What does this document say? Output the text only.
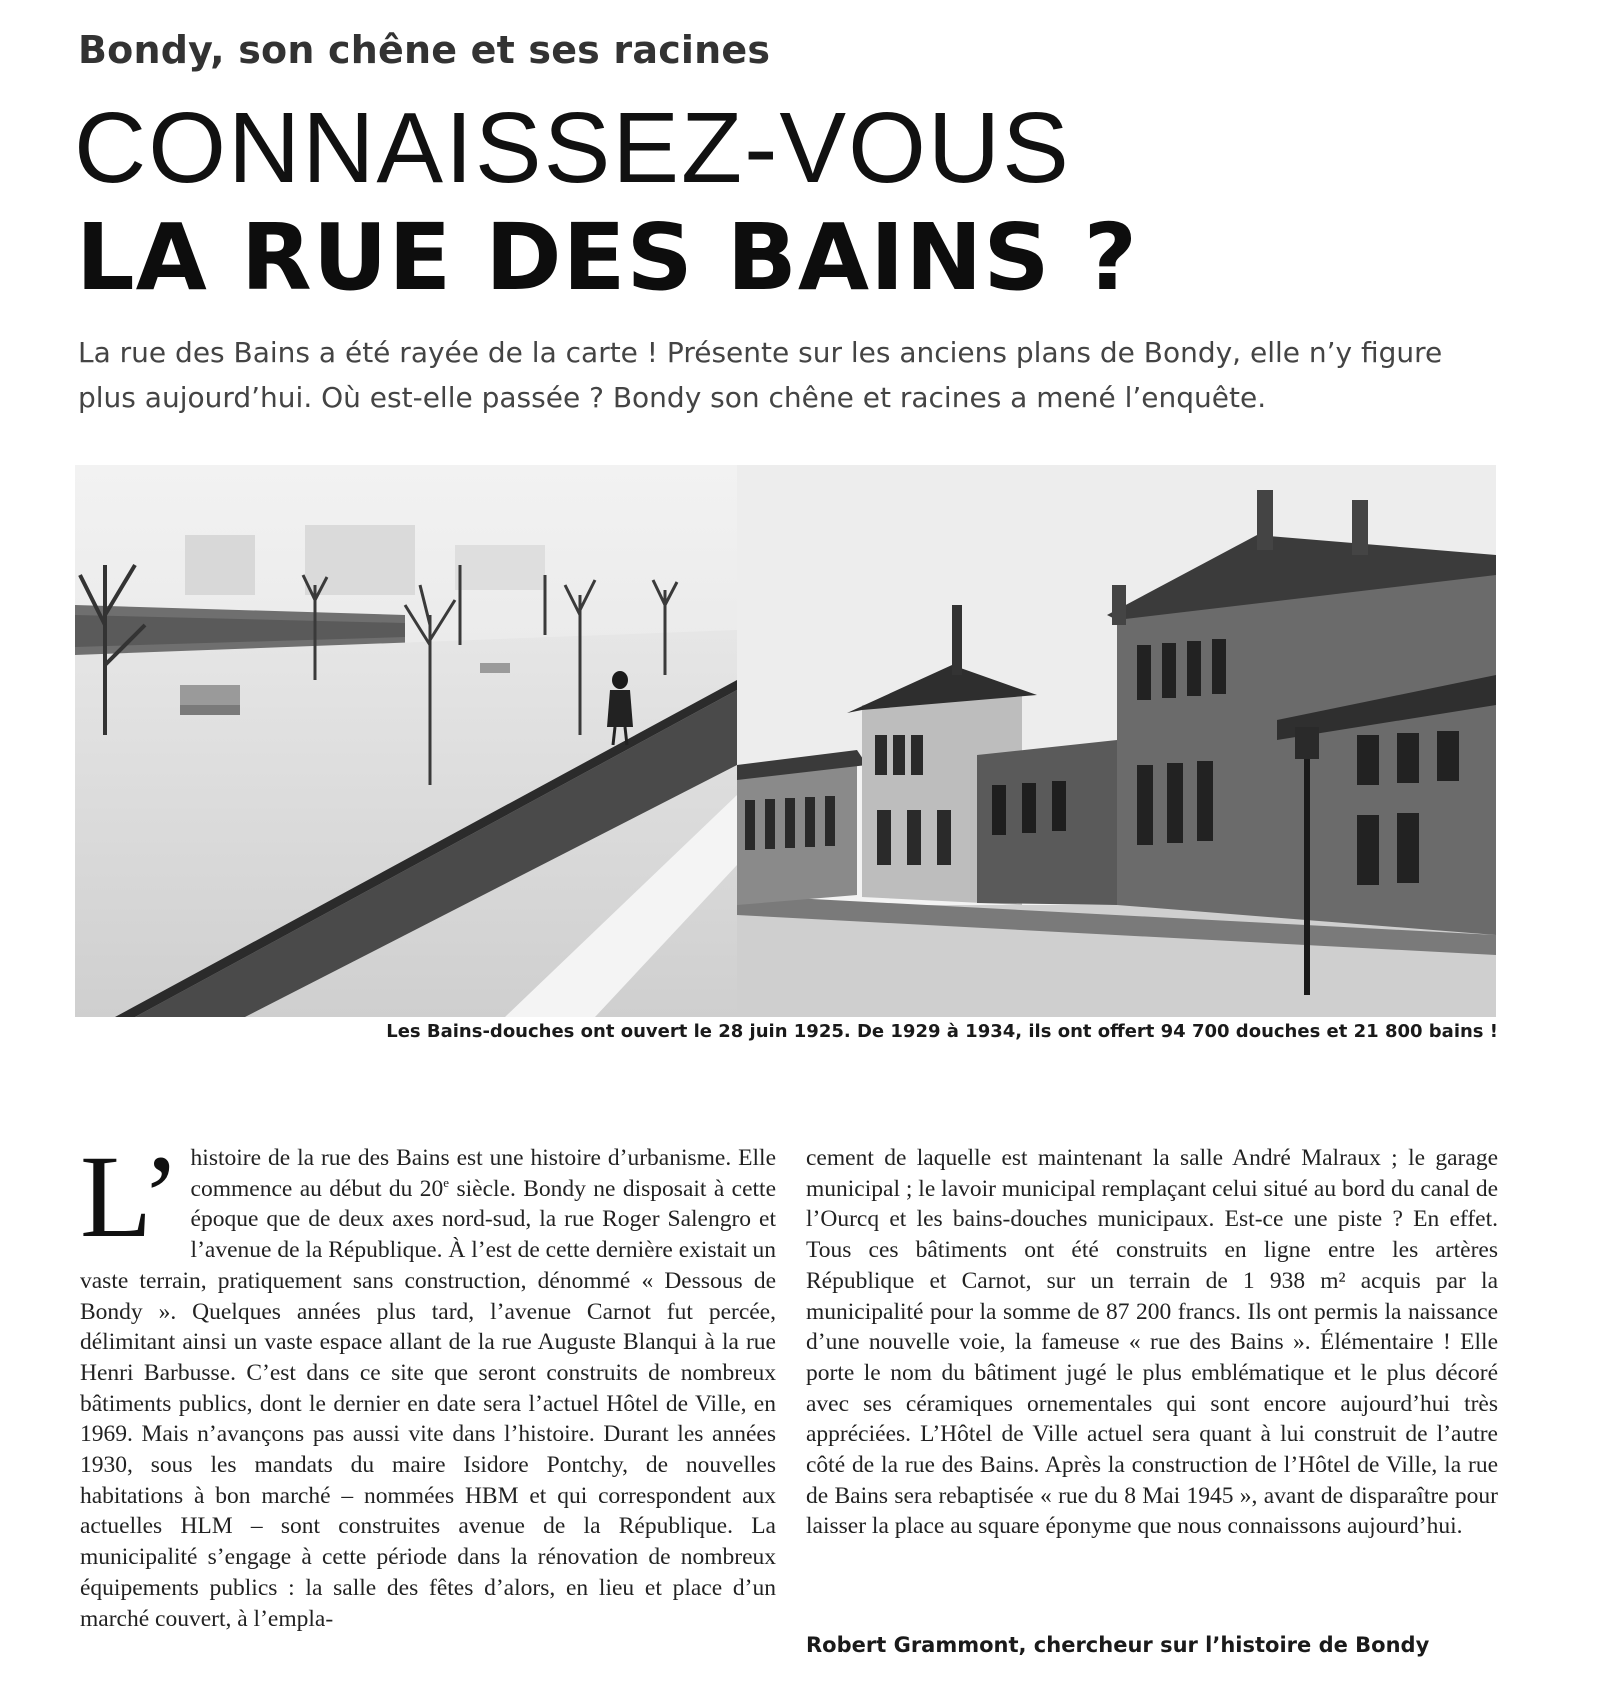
Bondy, son chêne et ses racines
CONNAISSEZ-VOUS
LA RUE DES BAINS ?
La rue des Bains a été rayée de la carte ! Présente sur les anciens plans de Bondy, elle n’y figure plus aujourd’hui. Où est-elle passée ? Bondy son chêne et racines a mené l’enquête.
Les Bains-douches ont ouvert le 28 juin 1925. De 1929 à 1934, ils ont offert 94 700 douches et 21 800 bains !
L’ histoire de la rue des Bains est une histoire d’urbanisme. Elle commence au début du 20e siècle. Bondy ne disposait à cette époque que de deux axes nord-sud, la rue Roger Salengro et l’avenue de la République. À l’est de cette dernière existait un vaste terrain, pratiquement sans construction, dénommé « Dessous de Bondy ». Quelques années plus tard, l’avenue Carnot fut percée, délimitant ainsi un vaste espace allant de la rue Auguste Blanqui à la rue Henri Barbusse. C’est dans ce site que seront construits de nombreux bâtiments publics, dont le dernier en date sera l’actuel Hôtel de Ville, en 1969. Mais n’avançons pas aussi vite dans l’histoire. Durant les années 1930, sous les mandats du maire Isidore Pontchy, de nouvelles habitations à bon marché – nommées HBM et qui correspondent aux actuelles HLM – sont construites avenue de la République. La municipalité s’engage à cette période dans la rénovation de nombreux équipements publics : la salle des fêtes d’alors, en lieu et place d’un marché couvert, à l’empla-
cement de laquelle est maintenant la salle André Malraux ; le garage municipal ; le lavoir municipal remplaçant celui situé au bord du canal de l’Ourcq et les bains-douches municipaux. Est-ce une piste ? En effet. Tous ces bâtiments ont été construits en ligne entre les artères République et Carnot, sur un terrain de 1 938 m² acquis par la municipalité pour la somme de 87 200 francs. Ils ont permis la naissance d’une nouvelle voie, la fameuse « rue des Bains ». Élémentaire ! Elle porte le nom du bâtiment jugé le plus emblématique et le plus décoré avec ses céramiques ornementales qui sont encore aujourd’hui très appréciées. L’Hôtel de Ville actuel sera quant à lui construit de l’autre côté de la rue des Bains. Après la construction de l’Hôtel de Ville, la rue de Bains sera rebaptisée « rue du 8 Mai 1945 », avant de disparaître pour laisser la place au square éponyme que nous connaissons aujourd’hui.
Robert Grammont, chercheur sur l’histoire de Bondy
